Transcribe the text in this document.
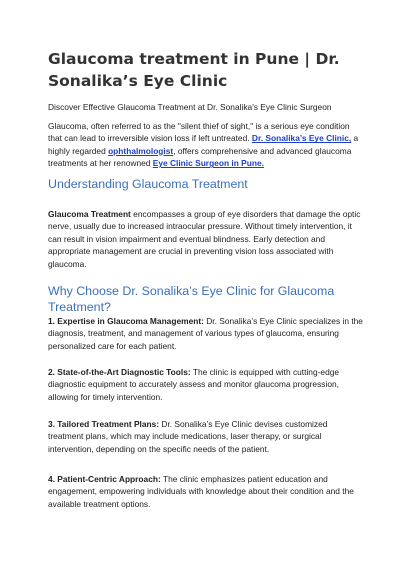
Glaucoma treatment in Pune | Dr. Sonalika’s Eye Clinic
Discover Effective Glaucoma Treatment at Dr. Sonalika's Eye Clinic Surgeon
Glaucoma, often referred to as the "silent thief of sight," is a serious eye condition that can lead to irreversible vision loss if left untreated. Dr. Sonalika’s Eye Clinic, a highly regarded ophthalmologist, offers comprehensive and advanced glaucoma treatments at her renowned Eye Clinic Surgeon in Pune.
Understanding Glaucoma Treatment
Glaucoma Treatment encompasses a group of eye disorders that damage the optic nerve, usually due to increased intraocular pressure. Without timely intervention, it can result in vision impairment and eventual blindness. Early detection and appropriate management are crucial in preventing vision loss associated with glaucoma.
Why Choose Dr. Sonalika’s Eye Clinic for Glaucoma Treatment?
1. Expertise in Glaucoma Management: Dr. Sonalika’s Eye Clinic specializes in the diagnosis, treatment, and management of various types of glaucoma, ensuring personalized care for each patient.
2. State-of-the-Art Diagnostic Tools: The clinic is equipped with cutting-edge diagnostic equipment to accurately assess and monitor glaucoma progression, allowing for timely intervention.
3. Tailored Treatment Plans: Dr. Sonalika’s Eye Clinic devises customized treatment plans, which may include medications, laser therapy, or surgical intervention, depending on the specific needs of the patient.
4. Patient-Centric Approach: The clinic emphasizes patient education and engagement, empowering individuals with knowledge about their condition and the available treatment options.
